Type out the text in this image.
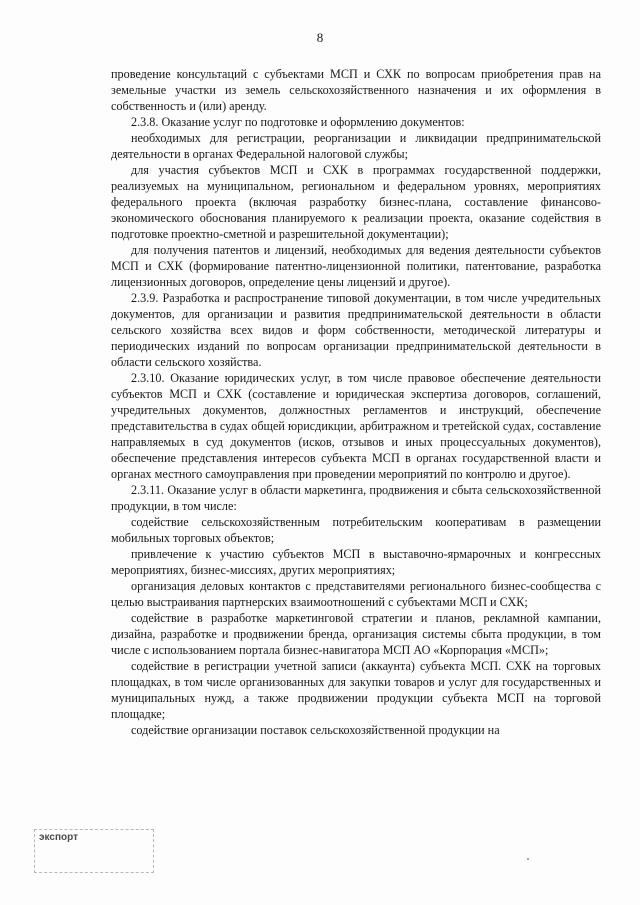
8

проведение консультаций с субъектами МСП и СХК по вопросам приобретения прав на земельные участки из земель сельскохозяйственного назначения и их оформления в собственность и (или) аренду.

2.3.8. Оказание услуг по подготовке и оформлению документов:

необходимых для регистрации, реорганизации и ликвидации предпринимательской деятельности в органах Федеральной налоговой службы;

для участия субъектов МСП и СХК в программах государственной поддержки, реализуемых на муниципальном, региональном и федеральном уровнях, мероприятиях федерального проекта (включая разработку бизнес-плана, составление финансово-экономического обоснования планируемого к реализации проекта, оказание содействия в подготовке проектно-сметной и разрешительной документации);

для получения патентов и лицензий, необходимых для ведения деятельности субъектов МСП и СХК (формирование патентно-лицензионной политики, патентование, разработка лицензионных договоров, определение цены лицензий и другое).

2.3.9. Разработка и распространение типовой документации, в том числе учредительных документов, для организации и развития предпринимательской деятельности в области сельского хозяйства всех видов и форм собственности, методической литературы и периодических изданий по вопросам организации предпринимательской деятельности в области сельского хозяйства.

2.3.10. Оказание юридических услуг, в том числе правовое обеспечение деятельности субъектов МСП и СХК (составление и юридическая экспертиза договоров, соглашений, учредительных документов, должностных регламентов и инструкций, обеспечение представительства в судах общей юрисдикции, арбитражном и третейской судах, составление направляемых в суд документов (исков, отзывов и иных процессуальных документов), обеспечение представления интересов субъекта МСП в органах государственной власти и органах местного самоуправления при проведении мероприятий по контролю и другое).

2.3.11. Оказание услуг в области маркетинга, продвижения и сбыта сельскохозяйственной продукции, в том числе:

содействие сельскохозяйственным потребительским кооперативам в размещении мобильных торговых объектов;

привлечение к участию субъектов МСП в выставочно-ярмарочных и конгрессных мероприятиях, бизнес-миссиях, других мероприятиях;

организация деловых контактов с представителями регионального бизнес-сообщества с целью выстраивания партнерских взаимоотношений с субъектами МСП и СХК;

содействие в разработке маркетинговой стратегии и планов, рекламной кампании, дизайна, разработке и продвижении бренда, организация системы сбыта продукции, в том числе с использованием портала бизнес-навигатора МСП АО «Корпорация «МСП»;

содействие в регистрации учетной записи (аккаунта) субъекта МСП. СХК на торговых площадках, в том числе организованных для закупки товаров и услуг для государственных и муниципальных нужд, а также продвижении продукции субъекта МСП на торговой площадке;

содействие организации поставок сельскохозяйственной продукции на

экспорт
